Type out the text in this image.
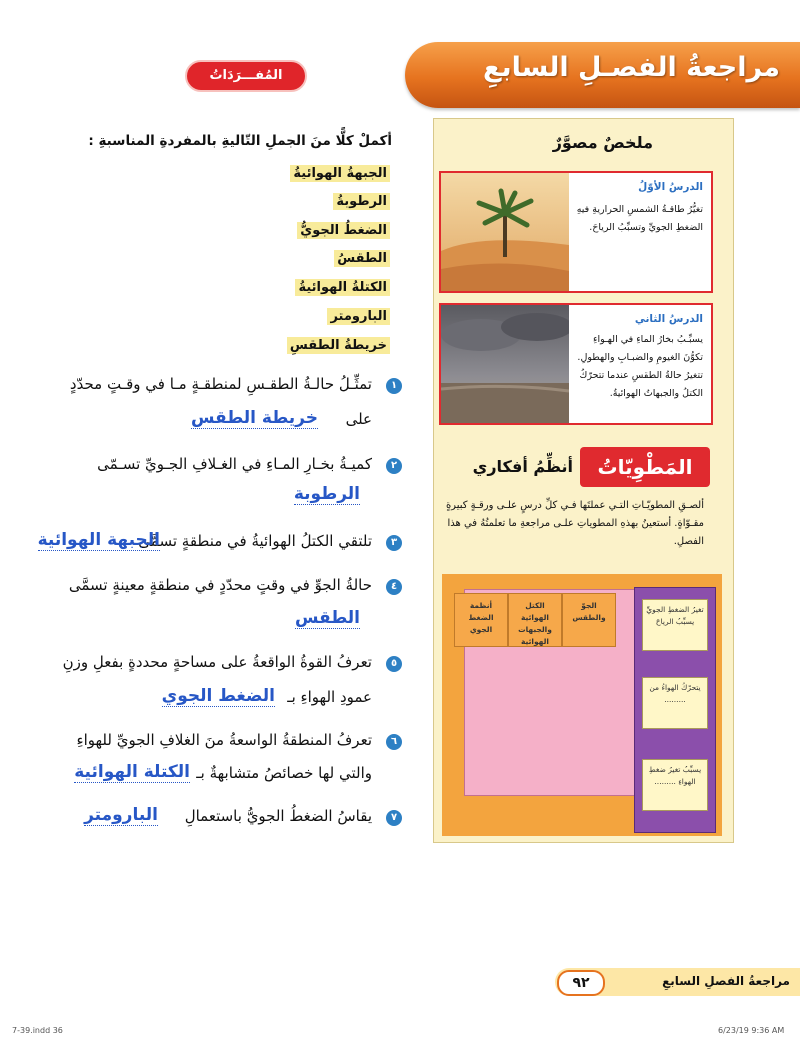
مراجعةُ الفصـلِ السابعِ
المُفـــرَدَاتُ
أكملْ كلًّا منَ الجملِ التّاليةِ بالمفردةِ المناسبةِ :
الجبهةُ الهوائيةُ
الرطوبةُ
الضغطُ الجويُّ
الطقسُ
الكتلةُ الهوائيةُ
البارومتر
خريطةُ الطقسِ
١
تمثِّـلُ حالـةُ الطقـسِ لمنطقـةٍ مـا في وقـتٍ محدّدٍ
على
خريطة الطقس
٢
كميـةُ بخـارِ المـاءِ في الغـلافِ الجـويِّ تسـمّى
الرطوبة
٣
تلتقي الكتلُ الهوائيةُ في منطقةٍ تسمَّى
الجبهة الهوائية
٤
حالةُ الجوِّ في وقتٍ محدّدٍ في منطقةٍ معينةٍ تسمَّى
الطقس
٥
تعرفُ القوةُ الواقعةُ على مساحةٍ محددةٍ بفعلِ وزنِ
عمودِ الهواءِ بـ
الضغط الجوي
٦
تعرفُ المنطقةُ الواسعةُ منَ الغلافِ الجويِّ للهواءِ
والتي لها خصائصُ متشابهةٌ بـ
الكتلة الهوائية
٧
يقاسُ الضغطُ الجويُّ باستعمالِ
البارومتر
ملخصٌ مصوَّرٌ
الدرسُ الأوّلُ
تغيُّرُ طاقـةُ الشمسِ الحراريةِ فيهِ الضغطِ الجويِّ وتسبِّبُ الرياحَ.
الدرسُ الثاني
يسبِّـبُ بخارُ الماءِ في الهـواءِ تكوُّنَ الغيومِ والضبـابِ والهطولِ. تتغيرُ حالةُ الطقسِ عندما تتحرّكُ الكتلُ والجبهاتُ الهوائيةُ.
المَطْوِيّاتُ
أنظِّمُ أفكاري
ألصـقِ المطويّـاتِ التـي عملتَها فـي كلِّ درسٍ علـى ورقـةٍ كبيرةٍ مقـوّاةٍ. أستعينُ بهذهِ المطوياتِ علـى مراجعةِ ما تعلمتُهُ في هذا الفصلِ.
أنظمة الضغط الجوي
الكتل الهوائية والجبهات الهوائية
الجوّ والطقس
تغيرُ الضغطِ الجويِّ يسبِّبُ الرياحَ
يتحرّكُ الهواءُ من .........
يسبِّبُ تغيرُ ضغطِ الهواءِ .........
مراجعةُ الفصلِ السابعِ
٩٢
7-39.indd 36	6/23/19 9:36 AM
